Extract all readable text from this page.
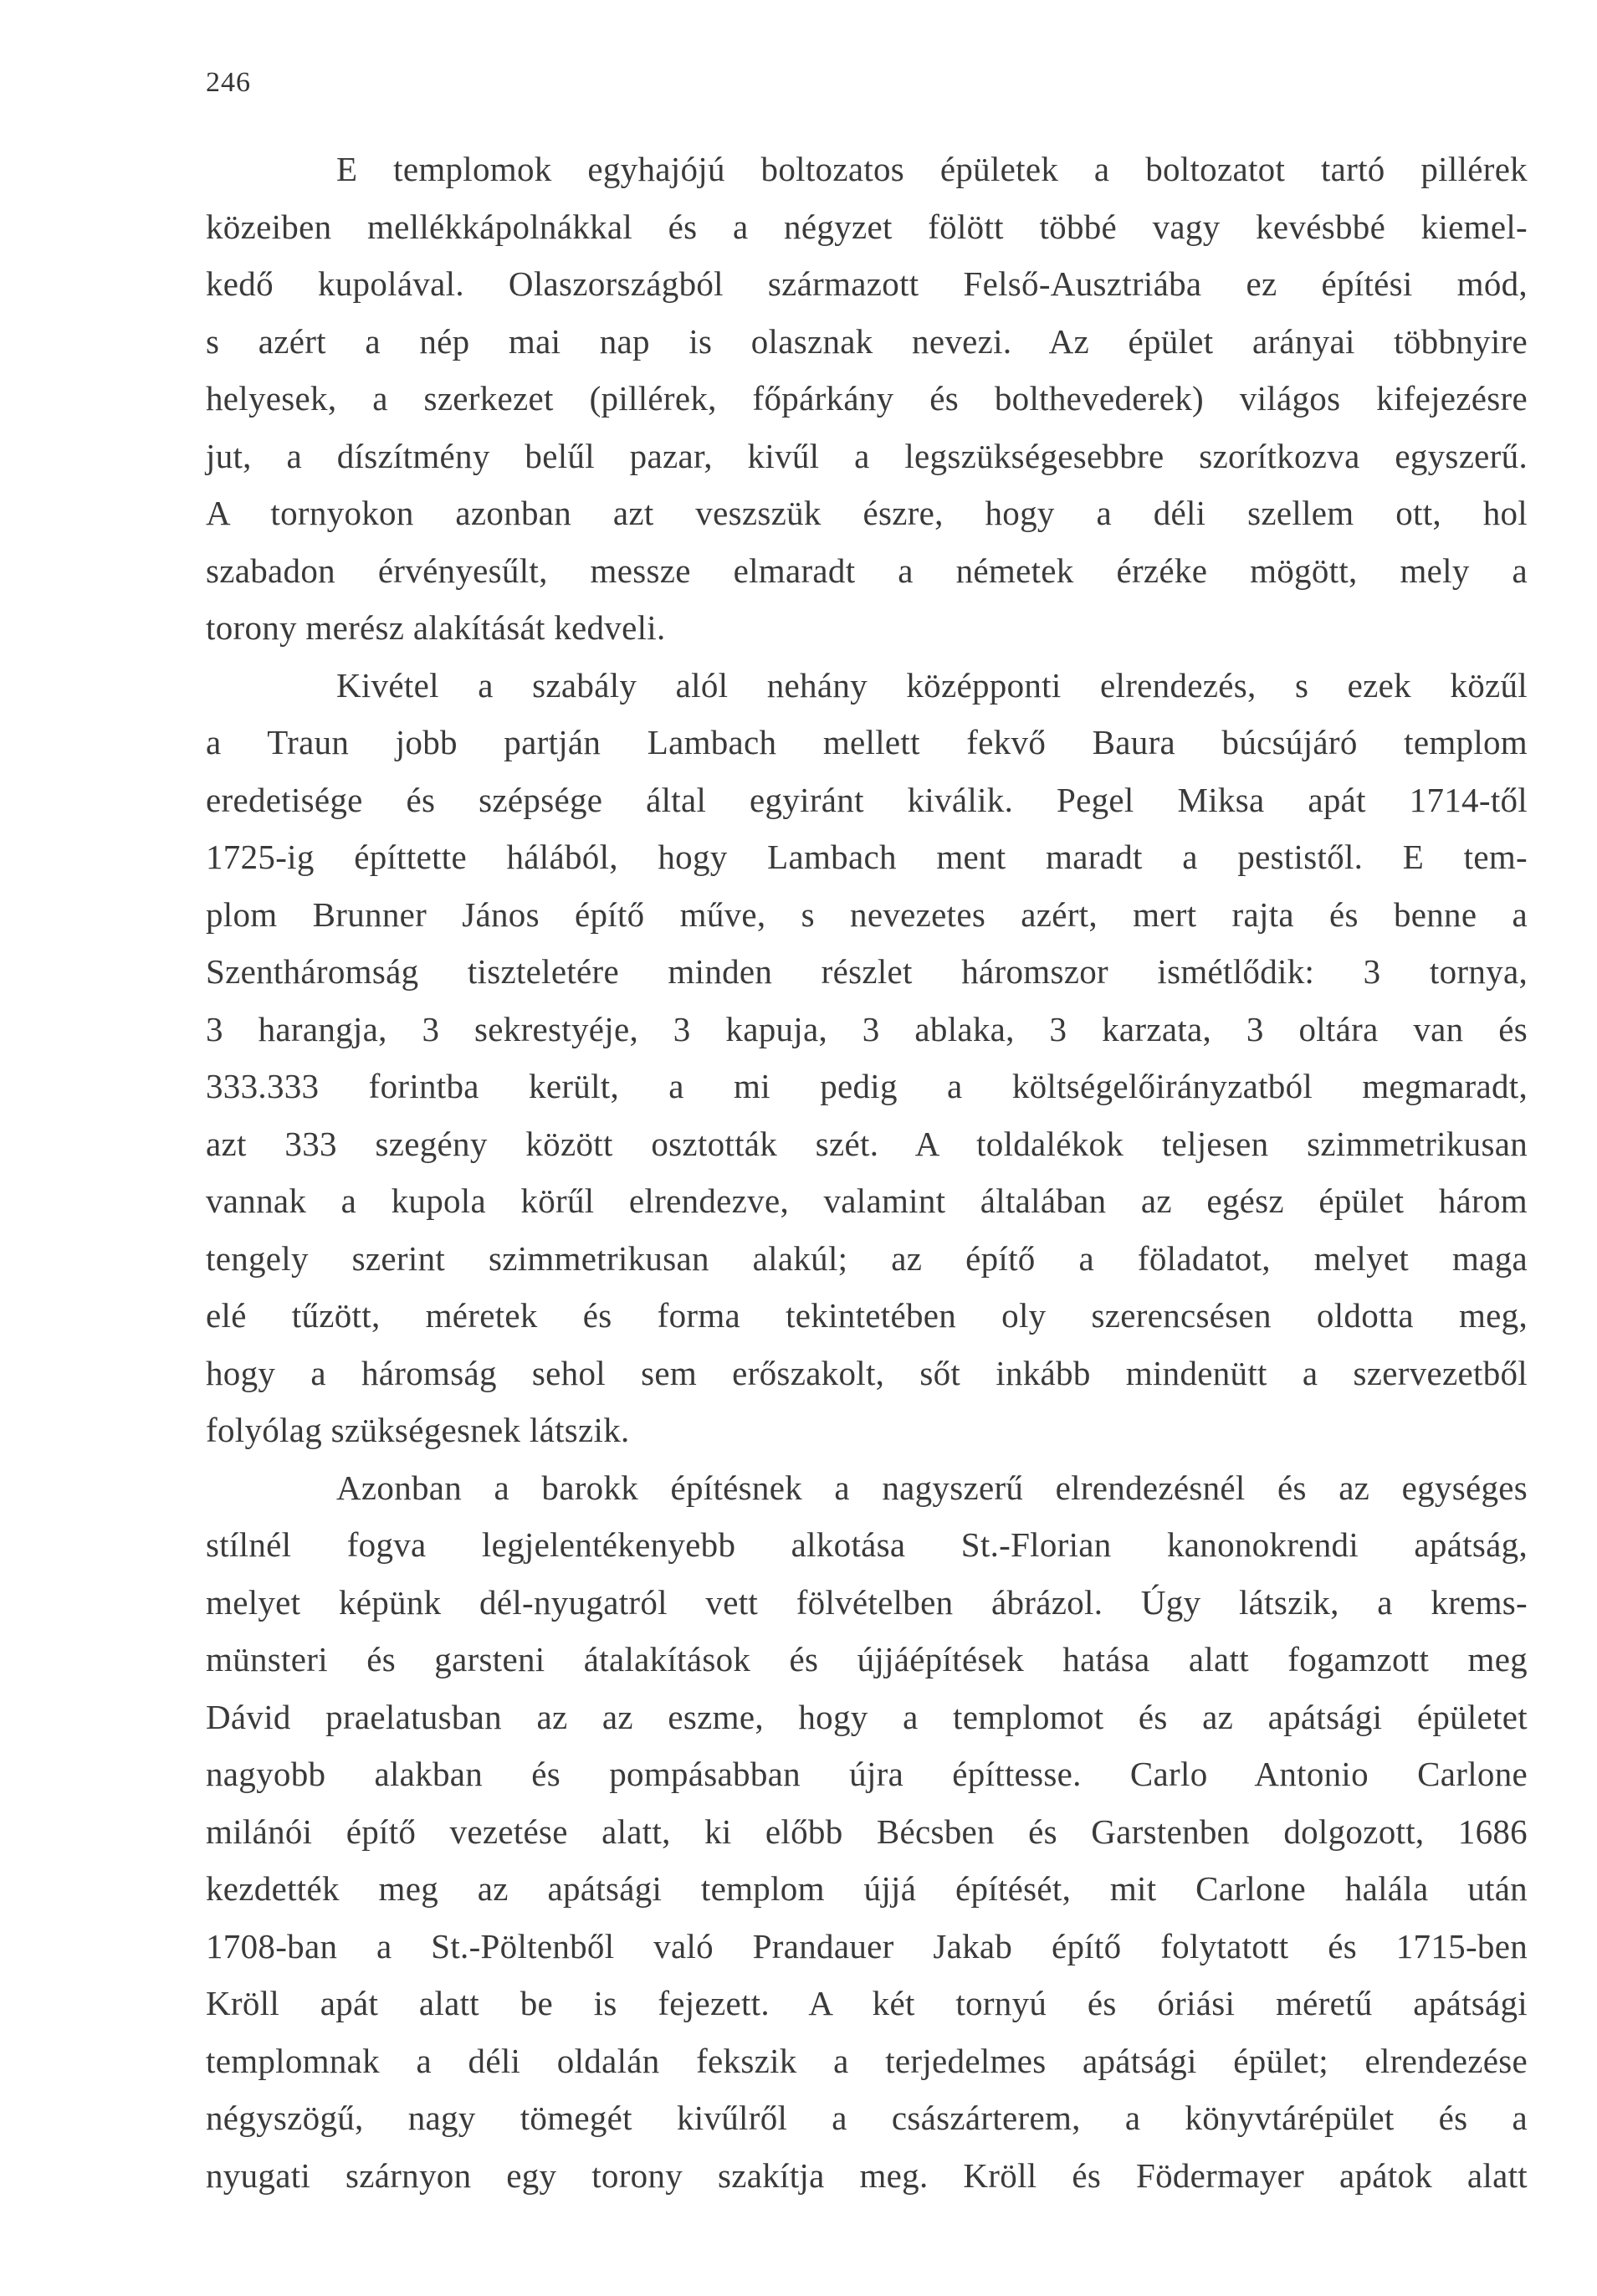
246
E templomok egyhajójú boltozatos épületek a boltozatot tartó pillérek
közeiben mellékkápolnákkal és a négyzet fölött többé vagy kevésbbé kiemel-
kedő kupolával. Olaszországból származott Felső-Ausztriába ez építési mód,
s azért a nép mai nap is olasznak nevezi. Az épület arányai többnyire
helyesek, a szerkezet (pillérek, főpárkány és bolthevederek) világos kifejezésre
jut, a díszítmény belűl pazar, kivűl a legszükségesebbre szorítkozva egyszerű.
A tornyokon azonban azt veszszük észre, hogy a déli szellem ott, hol
szabadon érvényesűlt, messze elmaradt a németek érzéke mögött, mely a
torony merész alakítását kedveli.
Kivétel a szabály alól nehány középponti elrendezés, s ezek közűl
a Traun jobb partján Lambach mellett fekvő Baura búcsújáró templom
eredetisége és szépsége által egyiránt kiválik. Pegel Miksa apát 1714-től
1725-ig építtette hálából, hogy Lambach ment maradt a pestistől. E tem-
plom Brunner János építő műve, s nevezetes azért, mert rajta és benne a
Szentháromság tiszteletére minden részlet háromszor ismétlődik: 3 tornya,
3 harangja, 3 sekrestyéje, 3 kapuja, 3 ablaka, 3 karzata, 3 oltára van és
333.333 forintba került, a mi pedig a költségelőirányzatból megmaradt,
azt 333 szegény között osztották szét. A toldalékok teljesen szimmetrikusan
vannak a kupola körűl elrendezve, valamint általában az egész épület három
tengely szerint szimmetrikusan alakúl; az építő a föladatot, melyet maga
elé tűzött, méretek és forma tekintetében oly szerencsésen oldotta meg,
hogy a háromság sehol sem erőszakolt, sőt inkább mindenütt a szervezetből
folyólag szükségesnek látszik.
Azonban a barokk építésnek a nagyszerű elrendezésnél és az egységes
stílnél fogva legjelentékenyebb alkotása St.-Florian kanonokrendi apátság,
melyet képünk dél-nyugatról vett fölvételben ábrázol. Úgy látszik, a krems-
münsteri és garsteni átalakítások és újjáépítések hatása alatt fogamzott meg
Dávid praelatusban az az eszme, hogy a templomot és az apátsági épületet
nagyobb alakban és pompásabban újra építtesse. Carlo Antonio Carlone
milánói építő vezetése alatt, ki előbb Bécsben és Garstenben dolgozott, 1686
kezdették meg az apátsági templom újjá építését, mit Carlone halála után
1708-ban a St.-Pöltenből való Prandauer Jakab építő folytatott és 1715-ben
Kröll apát alatt be is fejezett. A két tornyú és óriási méretű apátsági
templomnak a déli oldalán fekszik a terjedelmes apátsági épület; elrendezése
négyszögű, nagy tömegét kivűlről a császárterem, a könyvtárépület és a
nyugati szárnyon egy torony szakítja meg. Kröll és Födermayer apátok alatt
